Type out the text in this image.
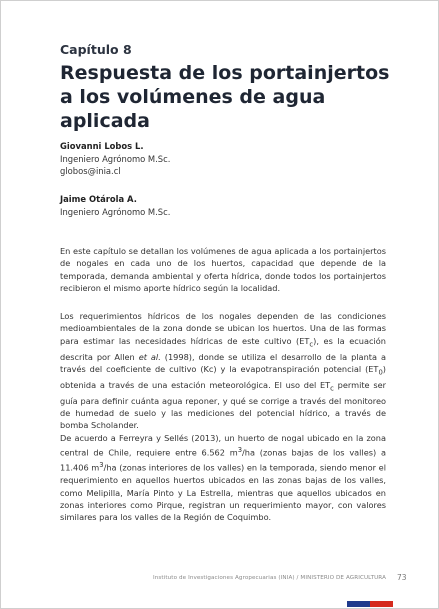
Capítulo 8
Respuesta de los portainjertos
a los volúmenes de agua aplicada
Giovanni Lobos L.
Ingeniero Agrónomo M.Sc.
globos@inia.cl
Jaime Otárola A.
Ingeniero Agrónomo M.Sc.

En este capítulo se detallan los volúmenes de agua aplicada a los portainjertos de nogales en cada uno de los huertos, capacidad que depende de la temporada, demanda ambiental y oferta hídrica, donde todos los portainjertos recibieron el mismo aporte hídrico según la localidad.

Los requerimientos hídricos de los nogales dependen de las condiciones medioambientales de la zona donde se ubican los huertos. Una de las formas para estimar las necesidades hídricas de este cultivo $(ET_c)$, es la ecuación descrita por Allen et al. (1998), donde se utiliza el desarrollo de la planta a través del coeficiente de cultivo (Kc) y la evapotranspiración potencial $(ET_0)$ obtenida a través de una estación meteorológica. El uso del $ET_c$ permite ser guía para definir cuánta agua reponer, y qué se corrige a través del monitoreo de humedad de suelo y las mediciones del potencial hídrico, a través de bomba Scholander.

De acuerdo a Ferreyra y Sellés (2013), un huerto de nogal ubicado en la zona central de Chile, requiere entre 6.562 $m^3/ha$ (zonas bajas de los valles) a 11.406 $m^3/ha$ (zonas interiores de los valles) en la temporada, siendo menor el requerimiento en aquellos huertos ubicados en las zonas bajas de los valles, como Melipilla, María Pinto y La Estrella, mientras que aquellos ubicados en zonas interiores como Pirque, registran un requerimiento mayor, con valores similares para los valles de la Región de Coquimbo.

Instituto de Investigaciones Agropecuarias (INIA) / MINISTERIO DE AGRICULTURA 73
